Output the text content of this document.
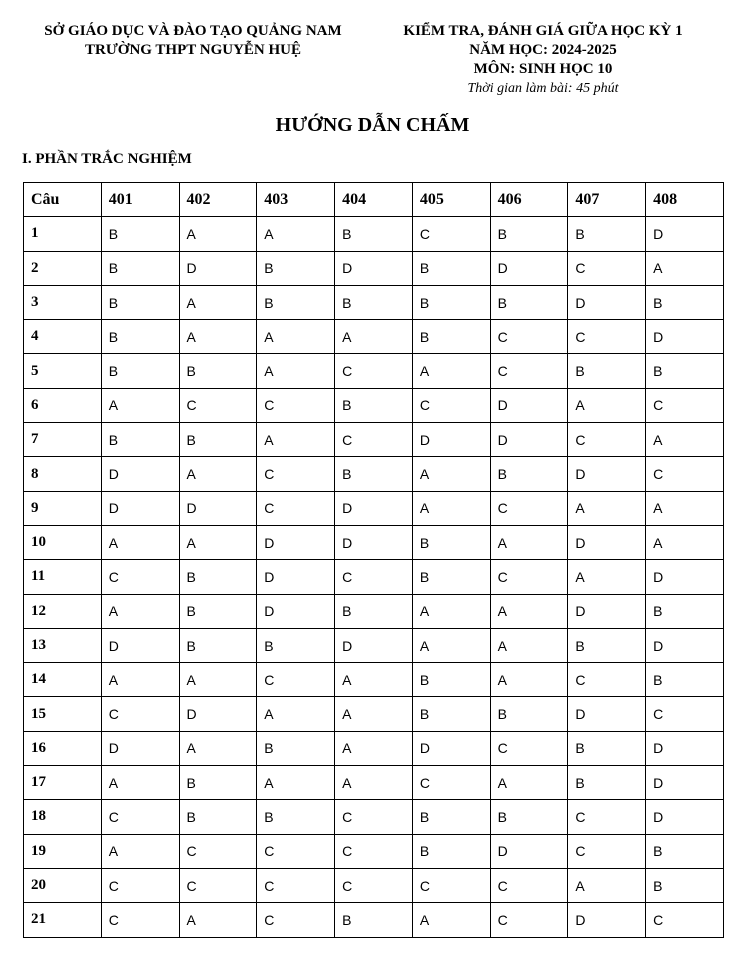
SỞ GIÁO DỤC VÀ ĐÀO TẠO QUẢNG NAM
TRƯỜNG THPT NGUYỄN HUỆ
KIỂM TRA, ĐÁNH GIÁ GIỮA HỌC KỲ 1
NĂM HỌC: 2024-2025
MÔN: SINH HỌC 10
Thời gian làm bài: 45 phút
HƯỚNG DẪN CHẤM
I. PHẦN TRẮC NGHIỆM
Câu	401	402	403	404	405	406	407	408
1	B	A	A	B	C	B	B	D
2	B	D	B	D	B	D	C	A
3	B	A	B	B	B	B	D	B
4	B	A	A	A	B	C	C	D
5	B	B	A	C	A	C	B	B
6	A	C	C	B	C	D	A	C
7	B	B	A	C	D	D	C	A
8	D	A	C	B	A	B	D	C
9	D	D	C	D	A	C	A	A
10	A	A	D	D	B	A	D	A
11	C	B	D	C	B	C	A	D
12	A	B	D	B	A	A	D	B
13	D	B	B	D	A	A	B	D
14	A	A	C	A	B	A	C	B
15	C	D	A	A	B	B	D	C
16	D	A	B	A	D	C	B	D
17	A	B	A	A	C	A	B	D
18	C	B	B	C	B	B	C	D
19	A	C	C	C	B	D	C	B
20	C	C	C	C	C	C	A	B
21	C	A	C	B	A	C	D	C
